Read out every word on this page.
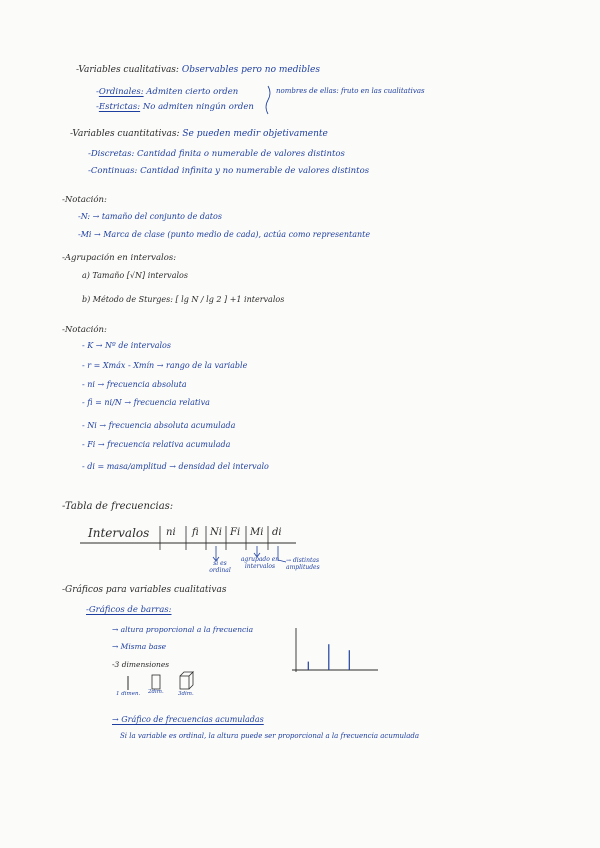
-Variables cualitativas: Observables pero no medibles
-Ordinales: Admiten cierto orden
-Estrictas: No admiten ningún orden
nombres de ellas: fruto en las cualitativas
-Variables cuantitativas: Se pueden medir objetivamente
-Discretas: Cantidad finita o numerable de valores distintos
-Continuas: Cantidad infinita y no numerable de valores distintos
-Notación:
-N: → tamaño del conjunto de datos
-Mi → Marca de clase (punto medio de cada), actúa como representante
-Agrupación en intervalos:
a) Tamaño [√N] intervalos
b) Método de Sturges: [ lg N / lg 2 ] +1 intervalos
-Notación:
- K → Nº de intervalos
- r = Xmáx - Xmín → rango de la variable
- ni → frecuencia absoluta
- fi = ni/N → frecuencia relativa
- Ni → frecuencia absoluta acumulada
- Fi → frecuencia relativa acumulada
- di = masa/amplitud → densidad del intervalo
-Tabla de frecuencias:
Intervalos ni fi Ni Fi Mi di
si es ordinal
agrupado en intervalos
→ distintas amplitudes
-Gráficos para variables cualitativas
-Gráficos de barras:
→ altura proporcional a la frecuencia
→ Misma base
-3 dimensiones
1 dimen. 2dim.	3dim.
→ Gráfico de frecuencias acumuladas
Si la variable es ordinal, la altura puede ser proporcional a la frecuencia acumulada
